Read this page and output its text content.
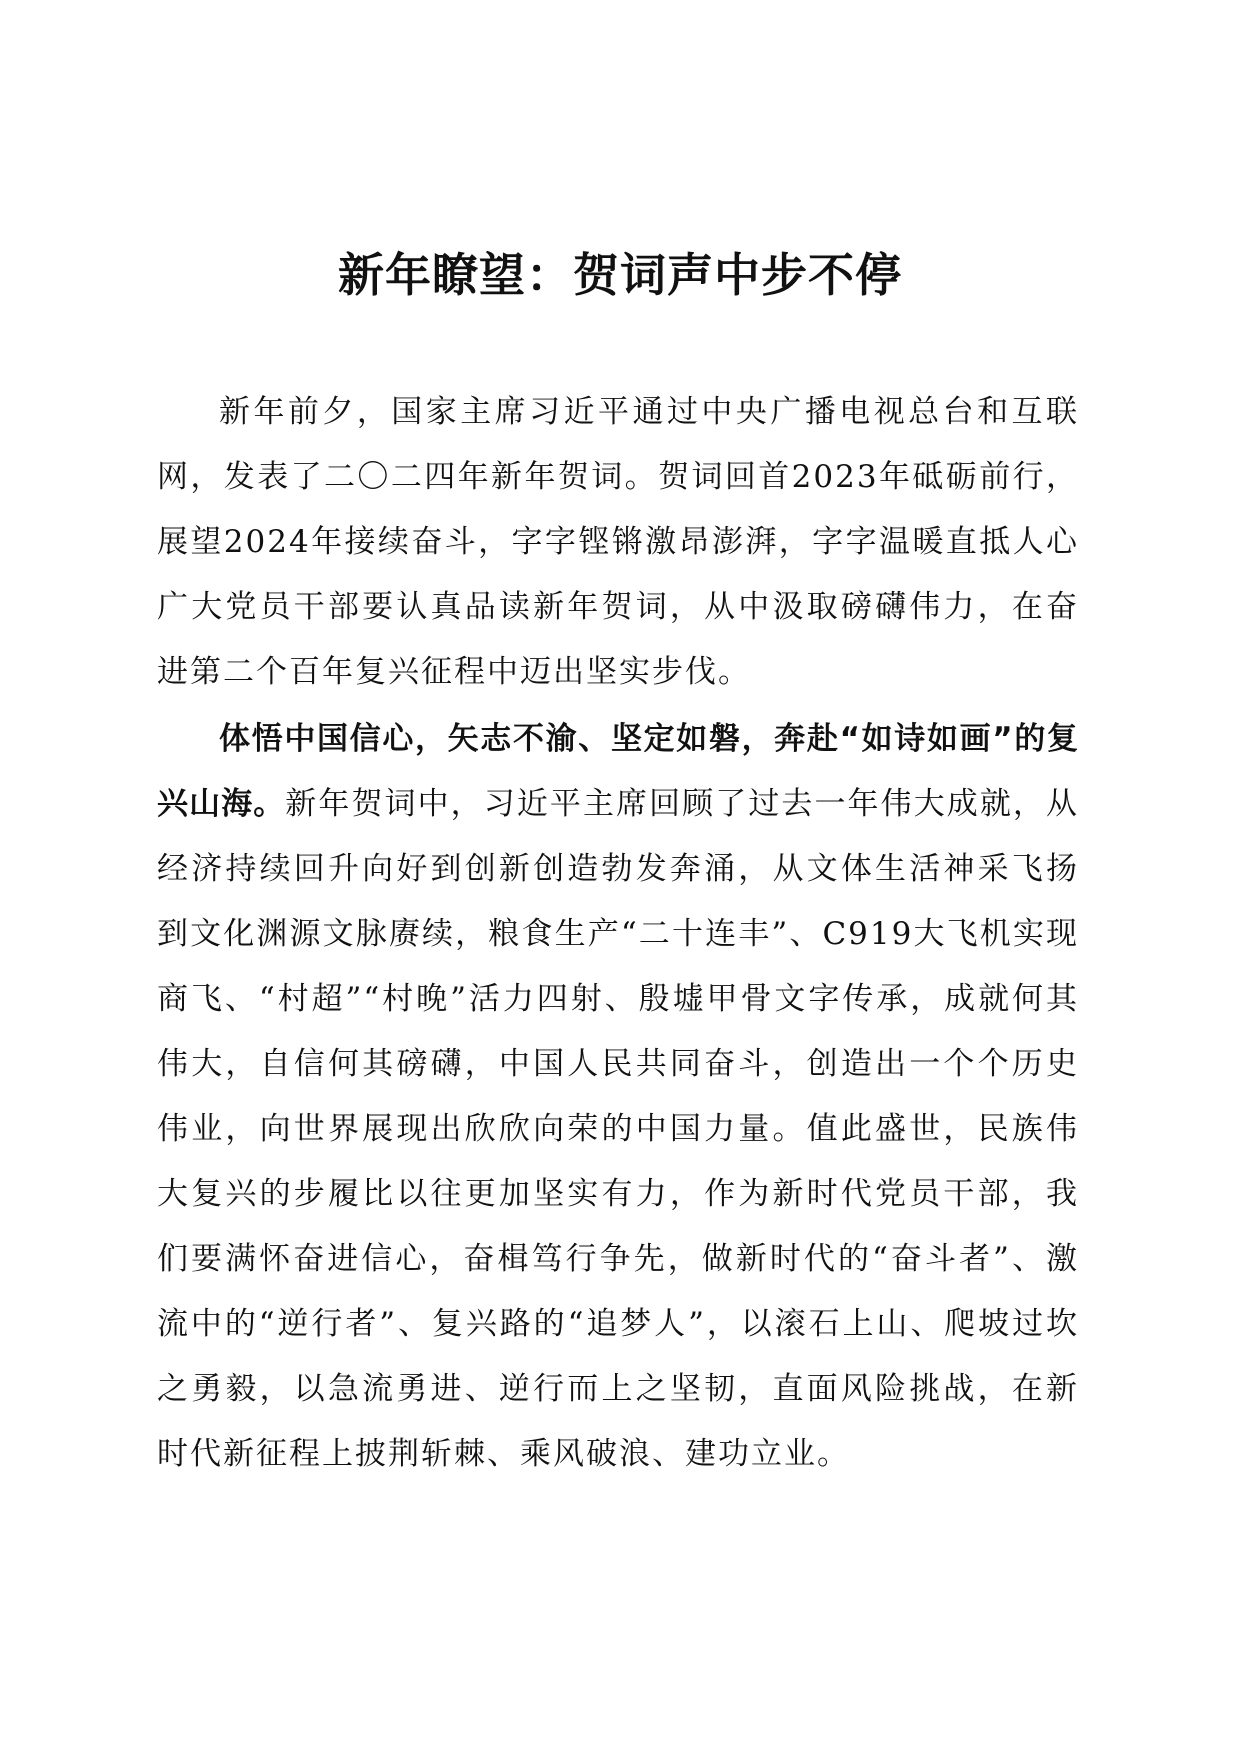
新年瞭望：贺词声中步不停

新年前夕，国家主席习近平通过中央广播电视总台和互联网，发表了二〇二四年新年贺词。贺词回首2023年砥砺前行，展望2024年接续奋斗，字字铿锵激昂澎湃，字字温暖直抵人心广大党员干部要认真品读新年贺词，从中汲取磅礴伟力，在奋进第二个百年复兴征程中迈出坚实步伐。

体悟中国信心，矢志不渝、坚定如磐，奔赴“如诗如画”的复兴山海。新年贺词中，习近平主席回顾了过去一年伟大成就，从经济持续回升向好到创新创造勃发奔涌，从文体生活神采飞扬到文化渊源文脉赓续，粮食生产“二十连丰”、C919大飞机实现商飞、“村超”“村晚”活力四射、殷墟甲骨文字传承，成就何其伟大，自信何其磅礴，中国人民共同奋斗，创造出一个个历史伟业，向世界展现出欣欣向荣的中国力量。值此盛世，民族伟大复兴的步履比以往更加坚实有力，作为新时代党员干部，我们要满怀奋进信心，奋楫笃行争先，做新时代的“奋斗者”、激流中的“逆行者”、复兴路的“追梦人”，以滚石上山、爬坡过坎之勇毅，以急流勇进、逆行而上之坚韧，直面风险挑战，在新时代新征程上披荆斩棘、乘风破浪、建功立业。
